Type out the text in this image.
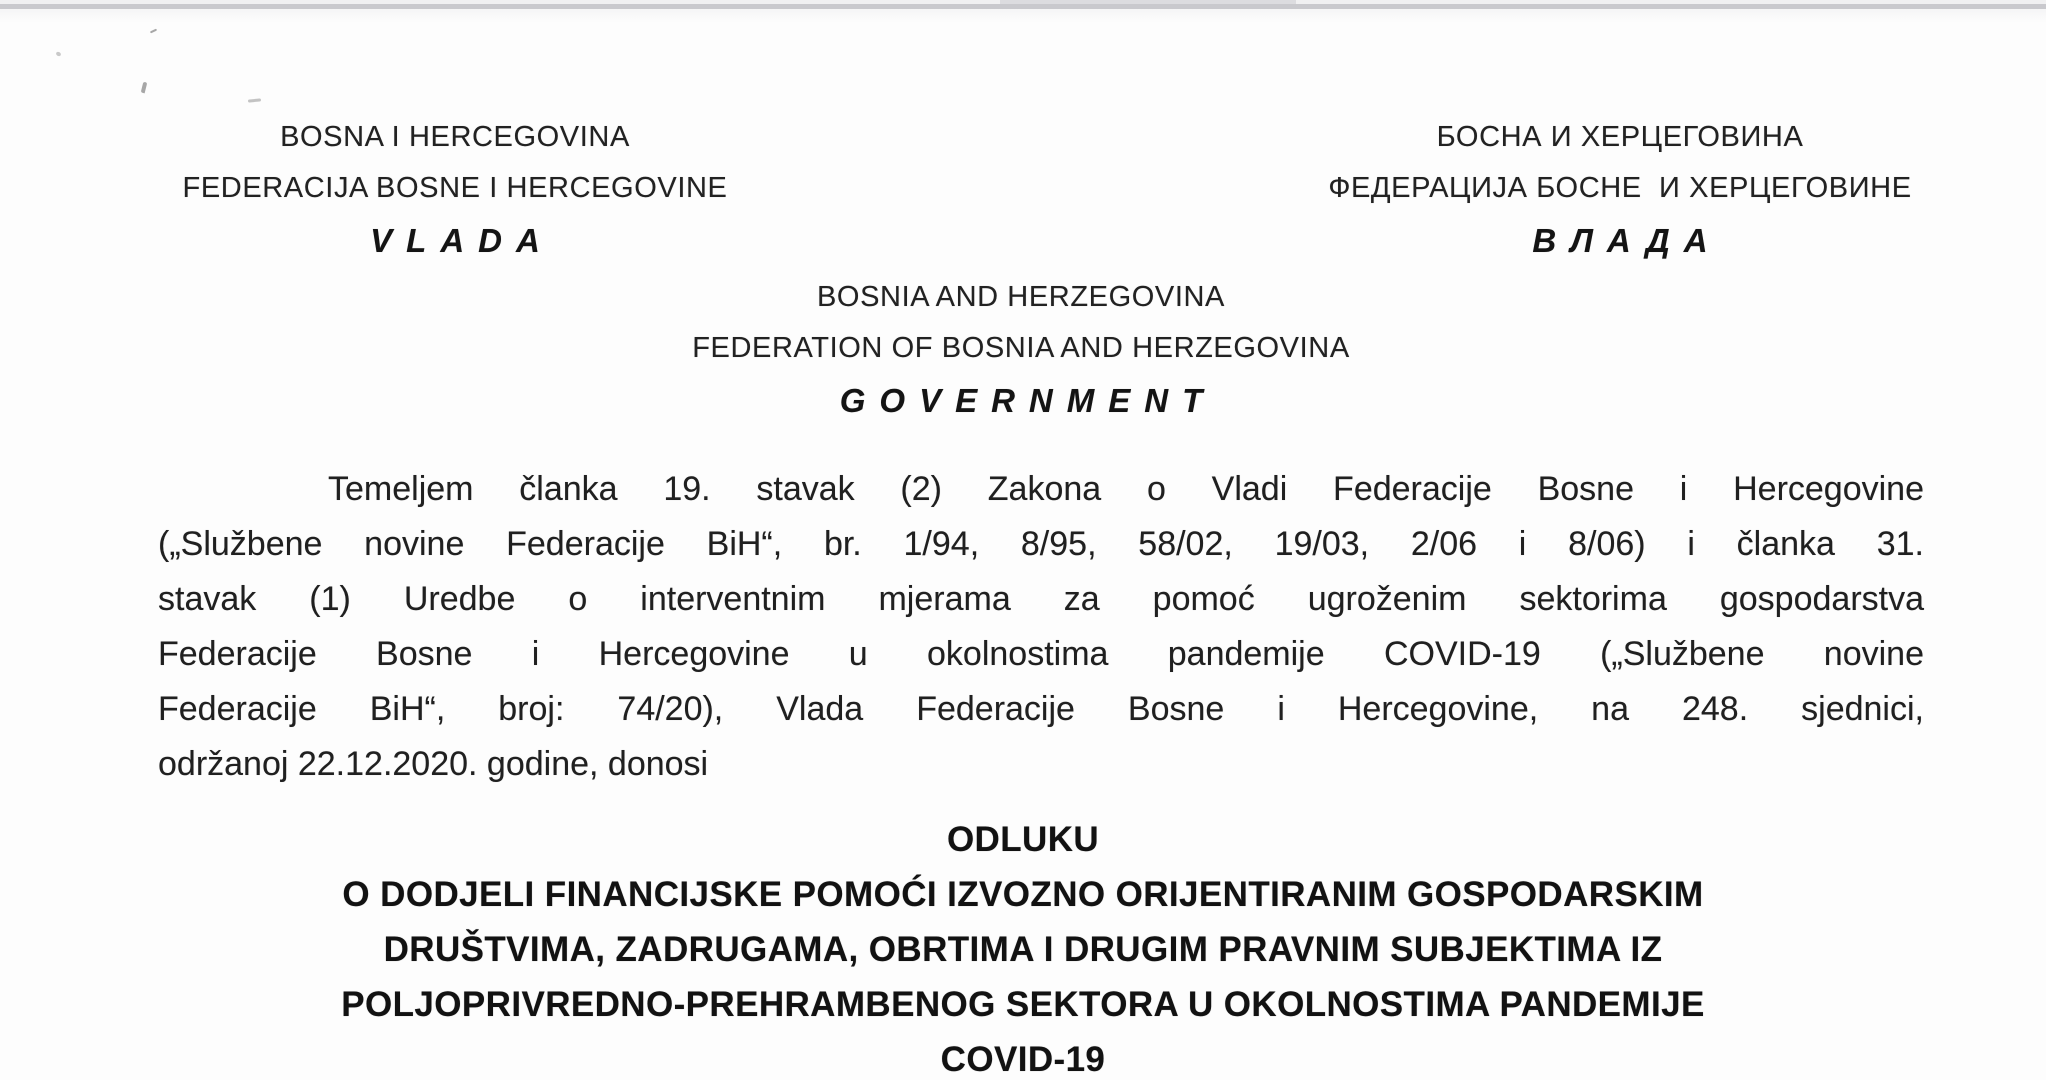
BOSNA I HERCEGOVINA
FEDERACIJA BOSNE I HERCEGOVINE
VLADA
БОСНА И ХЕРЦЕГОВИНА
ФЕДЕРАЦИЈА БОСНЕ  И ХЕРЦЕГОВИНЕ
ВЛАДА
BOSNIA AND HERZEGOVINA
FEDERATION OF BOSNIA AND HERZEGOVINA
GOVERNMENT
Temeljem članka 19. stavak (2) Zakona o Vladi Federacije Bosne i Hercegovine
(„Službene novine Federacije BiH“, br. 1/94, 8/95, 58/02, 19/03, 2/06 i 8/06) i članka 31.
stavak (1) Uredbe o interventnim mjerama za pomoć ugroženim sektorima gospodarstva
Federacije Bosne i Hercegovine u okolnostima pandemije COVID-19 („Službene novine
Federacije BiH“, broj: 74/20), Vlada Federacije Bosne i Hercegovine, na 248. sjednici,
održanoj 22.12.2020. godine, donosi
ODLUKU
O DODJELI FINANCIJSKE POMOĆI IZVOZNO ORIJENTIRANIM GOSPODARSKIM
DRUŠTVIMA, ZADRUGAMA, OBRTIMA I DRUGIM PRAVNIM SUBJEKTIMA IZ
POLJOPRIVREDNO-PREHRAMBENOG SEKTORA U OKOLNOSTIMA PANDEMIJE
COVID-19
